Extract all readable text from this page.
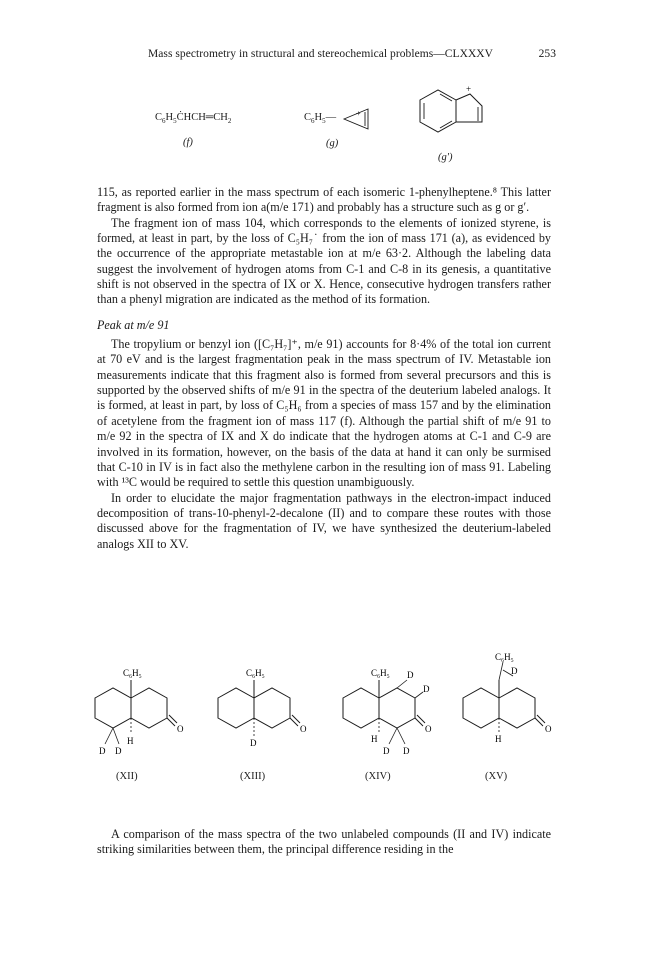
Mass spectrometry in structural and stereochemical problems—CLXXXV	253
$C_6H_5ĊHCH═CH_2$
(f)
$C_6H_5—$ +
(g)
+
(g′)

115, as reported earlier in the mass spectrum of each isomeric 1-phenylheptene.⁸ This latter fragment is also formed from ion a(m/e 171) and probably has a structure such as g or g′.

The fragment ion of mass 104, which corresponds to the elements of ionized styrene, is formed, at least in part, by the loss of C₅H₇˙ from the ion of mass 171 (a), as evidenced by the occurrence of the appropriate metastable ion at m/e 63·2. Although the labeling data suggest the involvement of hydrogen atoms from C-1 and C-8 in its genesis, a quantitative shift is not observed in the spectra of IX or X. Hence, consecutive hydrogen transfers rather than a phenyl migration are indicated as the method of its formation.

Peak at m/e 91

The tropylium or benzyl ion ([C₇H₇]⁺, m/e 91) accounts for 8·4% of the total ion current at 70 eV and is the largest fragmentation peak in the mass spectrum of IV. Metastable ion measurements indicate that this fragment also is formed from several precursors and this is supported by the observed shifts of m/e 91 in the spectra of the deuterium labeled analogs. It is formed, at least in part, by loss of C₅H₆ from a species of mass 157 and by the elimination of acetylene from the fragment ion of mass 117 (f). Although the partial shift of m/e 91 to m/e 92 in the spectra of IX and X do indicate that the hydrogen atoms at C-1 and C-9 are involved in its formation, however, on the basis of the data at hand it can only be surmised that C-10 in IV is in fact also the methylene carbon in the resulting ion of mass 91. Labeling with ¹³C would be required to settle this question unambiguously.

In order to elucidate the major fragmentation pathways in the electron-impact induced decomposition of trans-10-phenyl-2-decalone (II) and to compare these routes with those discussed above for the fragmentation of IV, we have synthesized the deuterium-labeled analogs XII to XV.

O
C₆H₅
H
D D
O
C₆H₅
D
O
C₆H₅ D
D
H
D D
O
C₆H₅
D
H
(XII)	(XIII)	(XIV)	(XV)

A comparison of the mass spectra of the two unlabeled compounds (II and IV) indicate striking similarities between them, the principal difference residing in the
